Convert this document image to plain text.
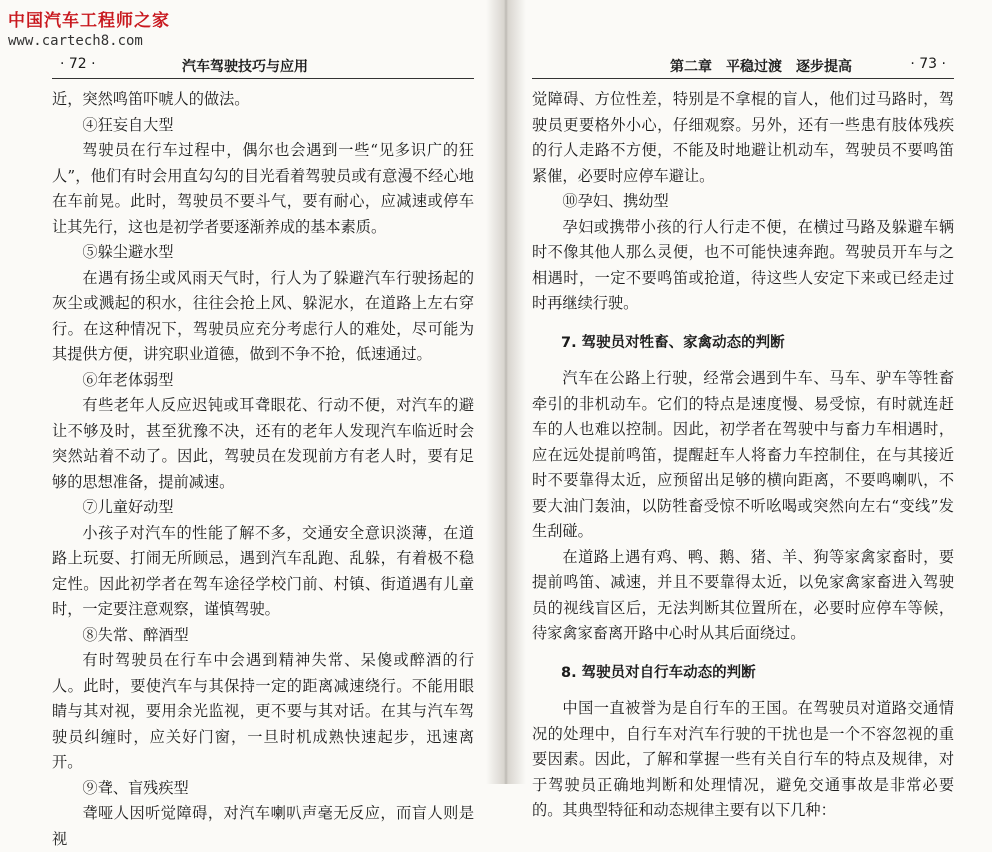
中国汽车工程师之家
www.cartech8.com
· 72 ·	汽车驾驶技巧与应用

近，突然鸣笛吓唬人的做法。

④狂妄自大型

驾驶员在行车过程中，偶尔也会遇到一些“见多识广的狂人”，他们有时会用直勾勾的目光看着驾驶员或有意漫不经心地在车前晃。此时，驾驶员不要斗气，要有耐心，应减速或停车让其先行，这也是初学者要逐渐养成的基本素质。

⑤躲尘避水型

在遇有扬尘或风雨天气时，行人为了躲避汽车行驶扬起的灰尘或溅起的积水，往往会抢上风、躲泥水，在道路上左右穿行。在这种情况下，驾驶员应充分考虑行人的难处，尽可能为其提供方便，讲究职业道德，做到不争不抢，低速通过。

⑥年老体弱型

有些老年人反应迟钝或耳聋眼花、行动不便，对汽车的避让不够及时，甚至犹豫不决，还有的老年人发现汽车临近时会突然站着不动了。因此，驾驶员在发现前方有老人时，要有足够的思想准备，提前减速。

⑦儿童好动型

小孩子对汽车的性能了解不多，交通安全意识淡薄，在道路上玩耍、打闹无所顾忌，遇到汽车乱跑、乱躲，有着极不稳定性。因此初学者在驾车途径学校门前、村镇、街道遇有儿童时，一定要注意观察，谨慎驾驶。

⑧失常、醉酒型

有时驾驶员在行车中会遇到精神失常、呆傻或醉酒的行人。此时，要使汽车与其保持一定的距离减速绕行。不能用眼睛与其对视，要用余光监视，更不要与其对话。在其与汽车驾驶员纠缠时，应关好门窗，一旦时机成熟快速起步，迅速离开。

⑨聋、盲残疾型

聋哑人因听觉障碍，对汽车喇叭声毫无反应，而盲人则是视

第二章　平稳过渡　逐步提高	· 73 ·

觉障碍、方位性差，特别是不拿棍的盲人，他们过马路时，驾驶员更要格外小心，仔细观察。另外，还有一些患有肢体残疾的行人走路不方便，不能及时地避让机动车，驾驶员不要鸣笛紧催，必要时应停车避让。

⑩孕妇、携幼型

孕妇或携带小孩的行人行走不便，在横过马路及躲避车辆时不像其他人那么灵便，也不可能快速奔跑。驾驶员开车与之相遇时，一定不要鸣笛或抢道，待这些人安定下来或已经走过时再继续行驶。

7. 驾驶员对牲畜、家禽动态的判断

汽车在公路上行驶，经常会遇到牛车、马车、驴车等牲畜牵引的非机动车。它们的特点是速度慢、易受惊，有时就连赶车的人也难以控制。因此，初学者在驾驶中与畜力车相遇时，应在远处提前鸣笛，提醒赶车人将畜力车控制住，在与其接近时不要靠得太近，应预留出足够的横向距离，不要鸣喇叭，不要大油门轰油，以防牲畜受惊不听吆喝或突然向左右“变线”发生刮碰。

在道路上遇有鸡、鸭、鹅、猪、羊、狗等家禽家畜时，要提前鸣笛、减速，并且不要靠得太近，以免家禽家畜进入驾驶员的视线盲区后，无法判断其位置所在，必要时应停车等候，待家禽家畜离开路中心时从其后面绕过。

8. 驾驶员对自行车动态的判断

中国一直被誉为是自行车的王国。在驾驶员对道路交通情况的处理中，自行车对汽车行驶的干扰也是一个不容忽视的重要因素。因此，了解和掌握一些有关自行车的特点及规律，对于驾驶员正确地判断和处理情况，避免交通事故是非常必要的。其典型特征和动态规律主要有以下几种：
